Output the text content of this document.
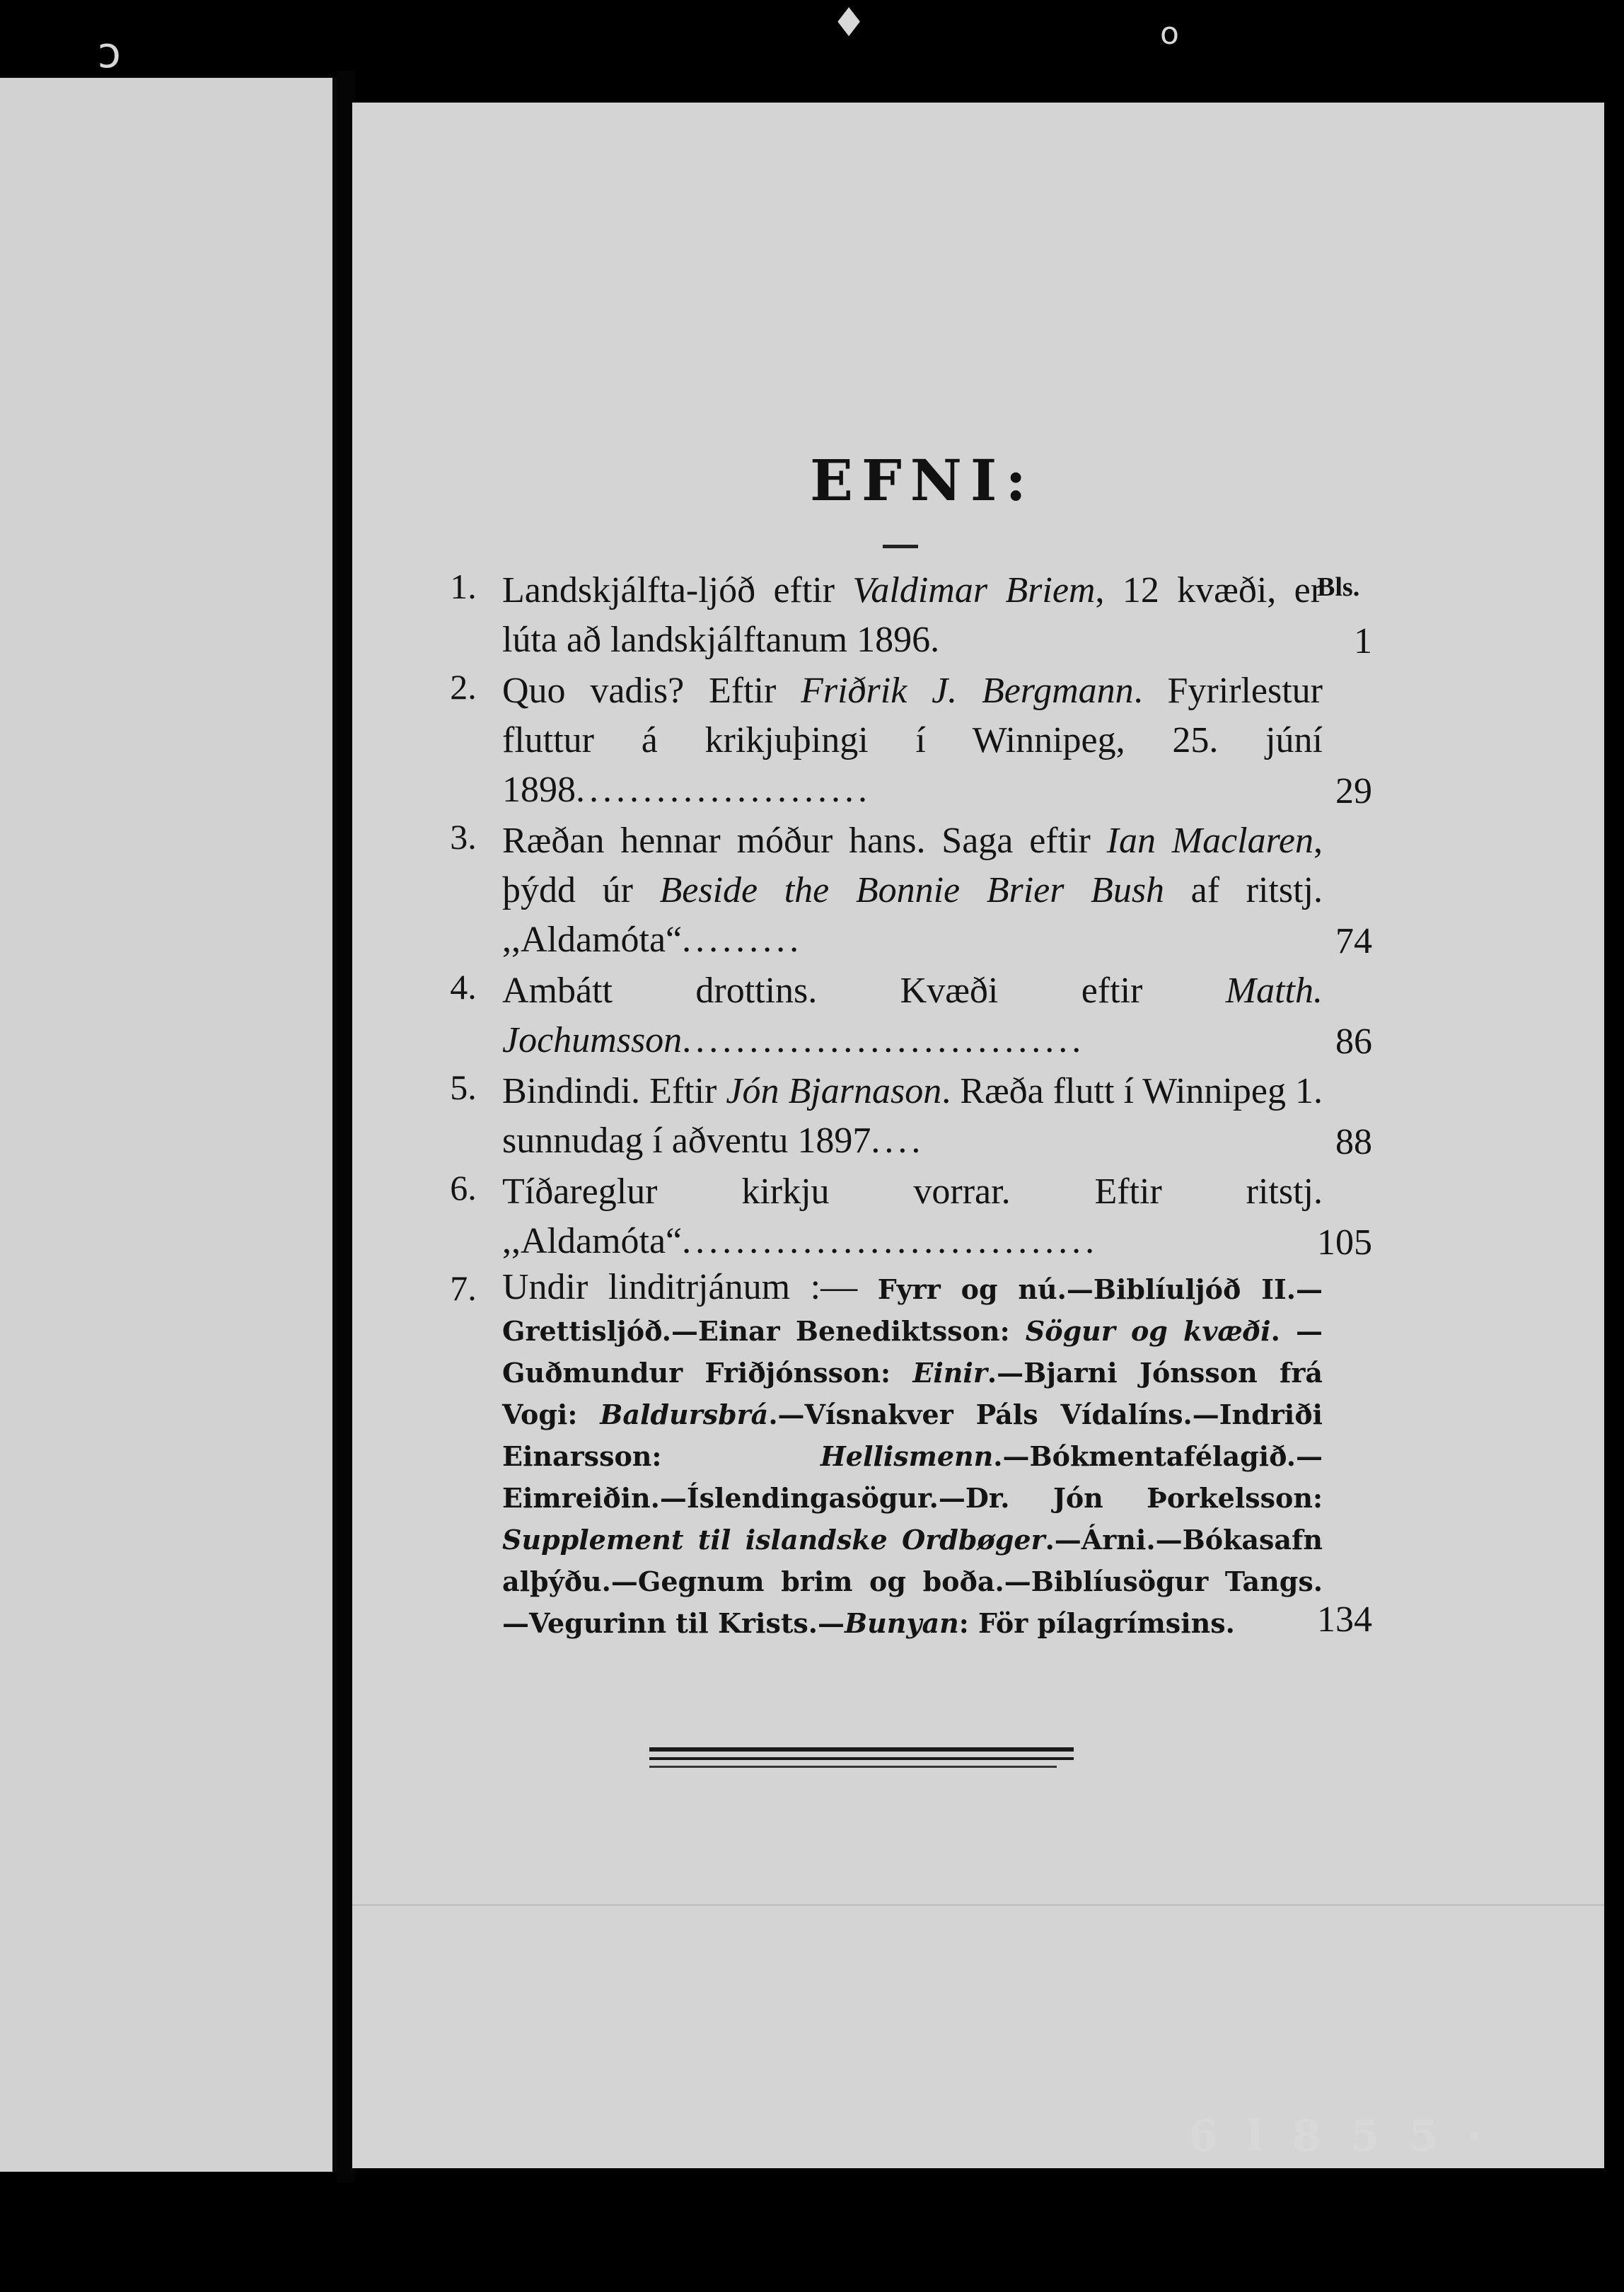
ↄ
♦	o
EFNI:
Bls.
1. Landskjálfta-ljóð eftir Valdimar Briem, 12 kvæði, er lúta að landskjálftanum 1896.	1
2. Quo vadis? Eftir Friðrik J. Bergmann. Fyrirlestur fluttur á krikjuþingi í Winnipeg, 25. júní 1898......................	29
3. Ræðan hennar móður hans. Saga eftir Ian Maclaren, þýdd úr Beside the Bonnie Brier Bush af ritstj. ,,Aldamóta“.........	74
4. Ambátt drottins. Kvæði eftir Matth. Jochumsson..............................	86
5. Bindindi. Eftir Jón Bjarnason. Ræða flutt í Winnipeg 1. sunnudag í aðventu 1897....	88
6. Tíðareglur kirkju vorrar. Eftir ritstj. ,,Aldamóta“...............................	105
7. Undir linditrjánum :— Fyrr og nú.—Biblíuljóð II.—Grettisljóð.—Einar Benediktsson: Sögur og kvæði. —Guðmundur Friðjónsson: Einir.—Bjarni Jónsson frá Vogi: Baldursbrá.—Vísnakver Páls Vídalíns.—Indriði Einarsson: Hellismenn.—Bókmentafélagið.—Eimreiðin.—Íslendingasögur.—Dr. Jón Þorkelsson: Supplement til islandske Ordbøger.—Árni.—Bókasafn alþýðu.—Gegnum brim og boða.—Biblíusögur Tangs. —Vegurinn til Krists.—Bunyan: För pílagrímsins.	134
6 l 8 5 5 ·
